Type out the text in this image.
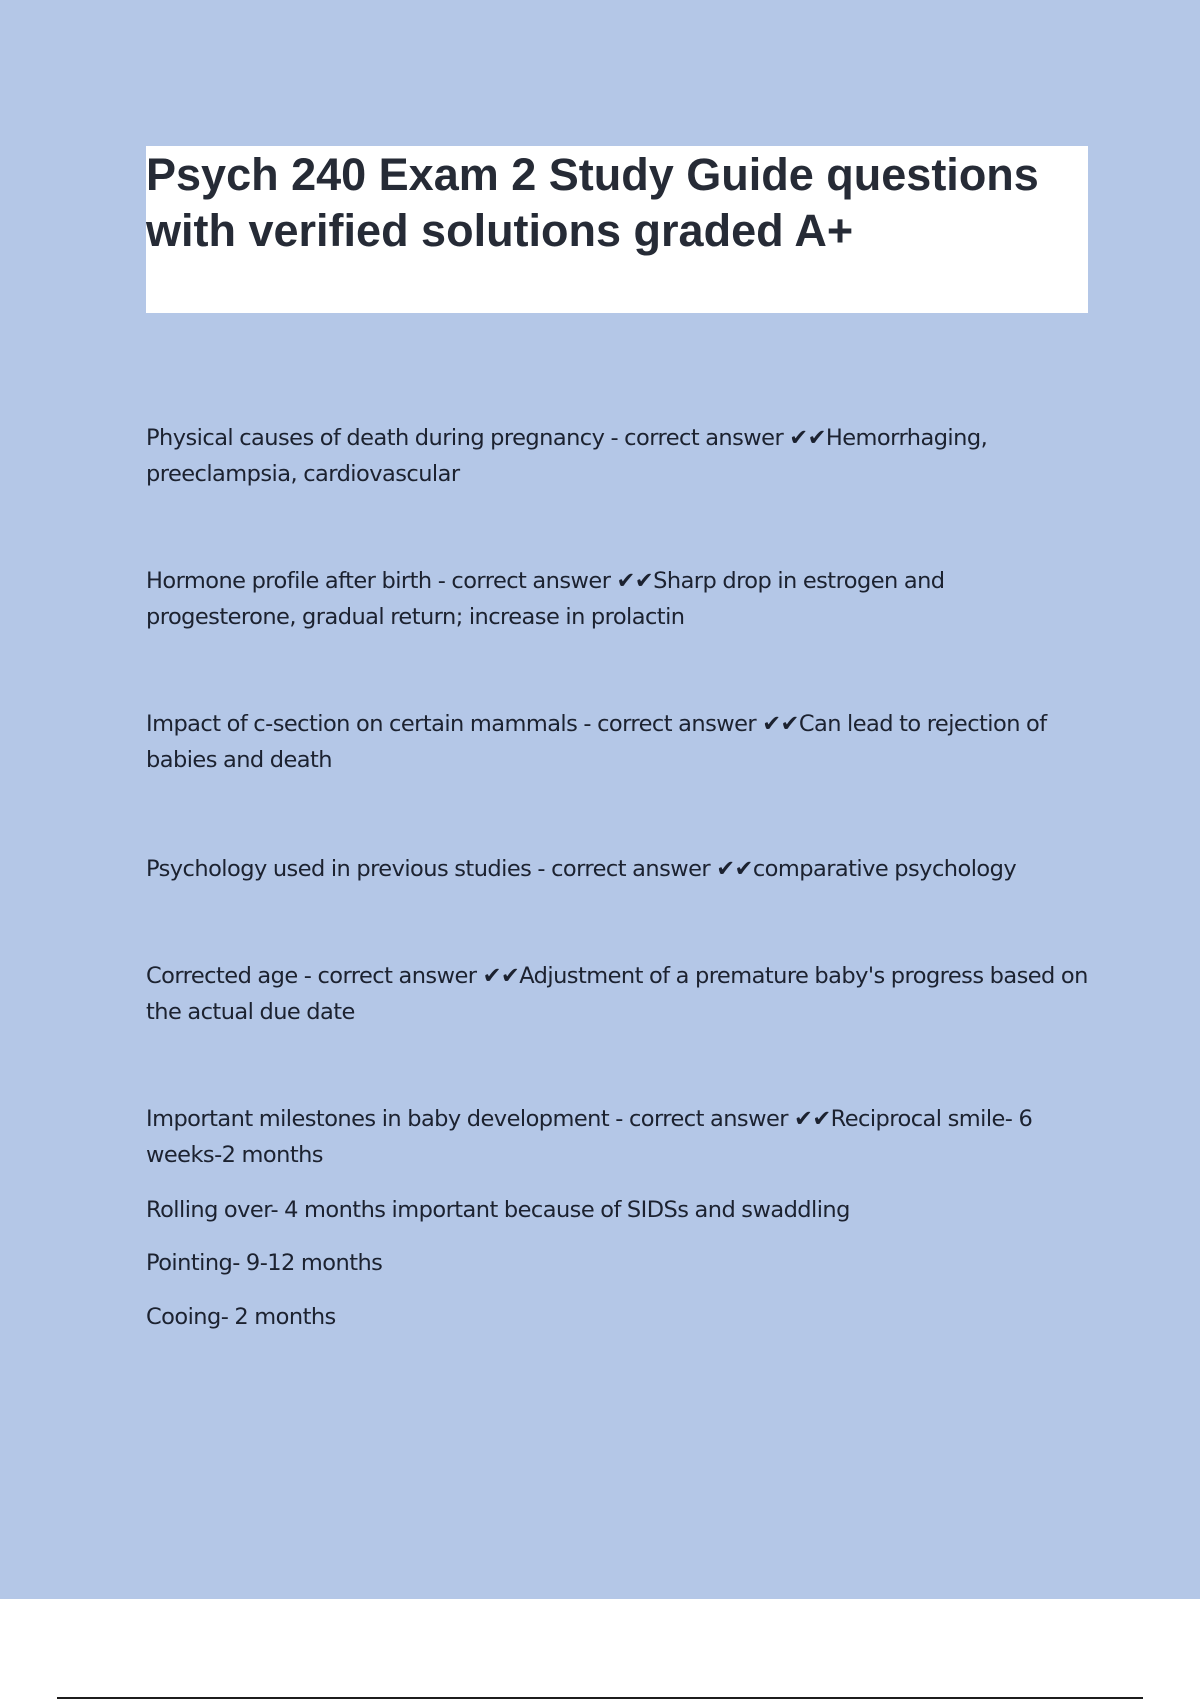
Psych 240 Exam 2 Study Guide questions with verified solutions graded A+

Physical causes of death during pregnancy - correct answer ✔✔Hemorrhaging, preeclampsia, cardiovascular

Hormone profile after birth - correct answer ✔✔Sharp drop in estrogen and progesterone, gradual return; increase in prolactin

Impact of c-section on certain mammals - correct answer ✔✔Can lead to rejection of babies and death

Psychology used in previous studies - correct answer ✔✔comparative psychology

Corrected age - correct answer ✔✔Adjustment of a premature baby's progress based on the actual due date

Important milestones in baby development - correct answer ✔✔Reciprocal smile- 6 weeks-2 months

Rolling over- 4 months important because of SIDSs and swaddling

Pointing- 9-12 months

Cooing- 2 months
